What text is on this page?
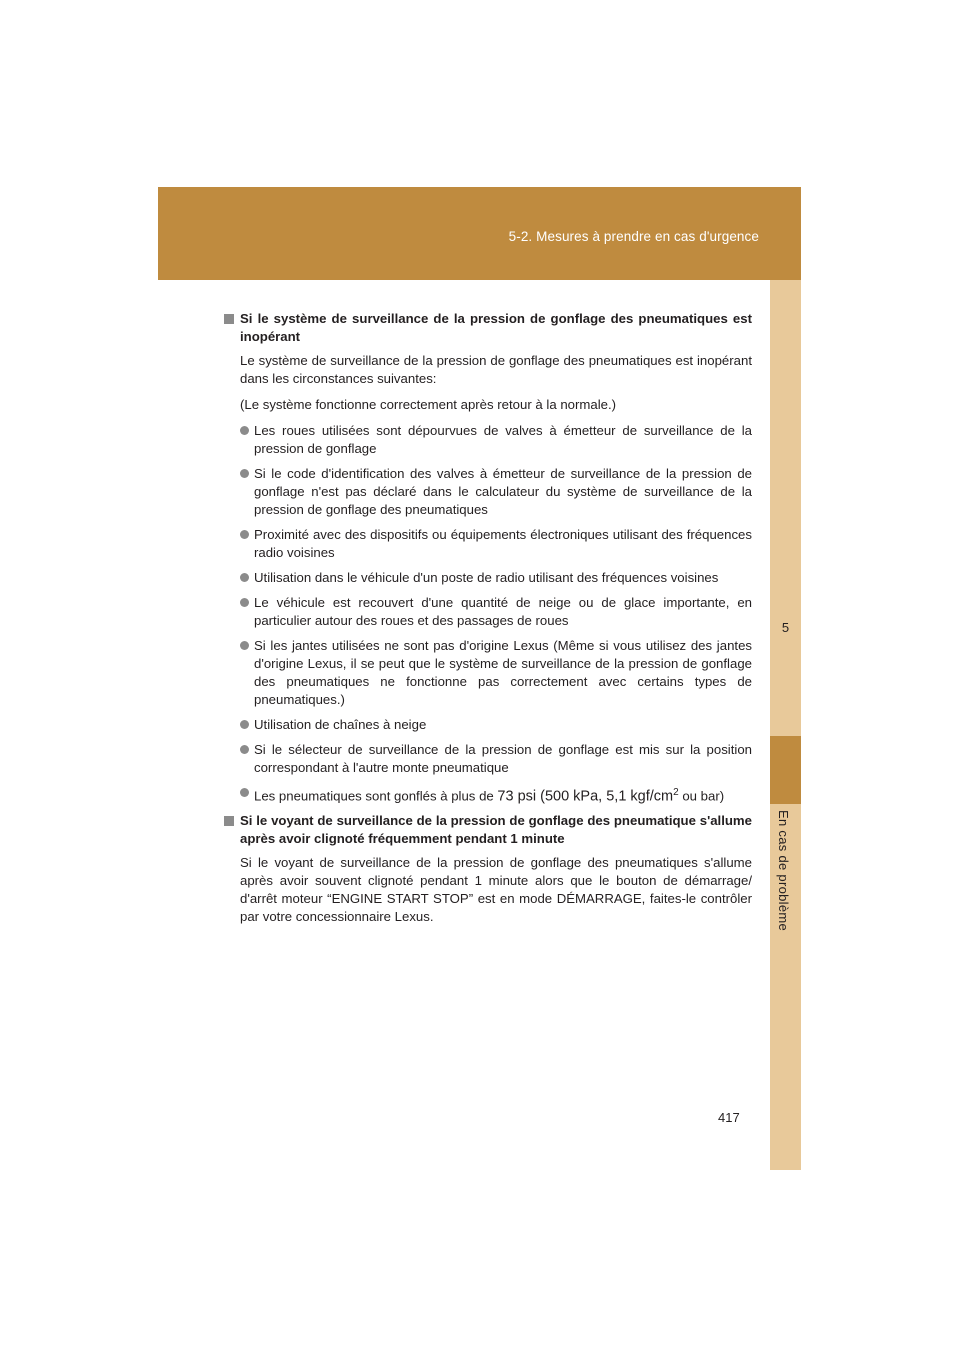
5-2. Mesures à prendre en cas d'urgence
5
En cas de problème
Si le système de surveillance de la pression de gonflage des pneumatiques est inopérant

Le système de surveillance de la pression de gonflage des pneumatiques est inopérant dans les circonstances suivantes:

(Le système fonctionne correctement après retour à la normale.)

Les roues utilisées sont dépourvues de valves à émetteur de surveillance de la pression de gonflage
Si le code d'identification des valves à émetteur de surveillance de la pression de gonflage n'est pas déclaré dans le calculateur du système de surveillance de la pression de gonflage des pneumatiques
Proximité avec des dispositifs ou équipements électroniques utilisant des fréquences radio voisines
Utilisation dans le véhicule d'un poste de radio utilisant des fréquences voisines
Le véhicule est recouvert d'une quantité de neige ou de glace importante, en particulier autour des roues et des passages de roues
Si les jantes utilisées ne sont pas d'origine Lexus (Même si vous utilisez des jantes d'origine Lexus, il se peut que le système de surveillance de la pression de gonflage des pneumatiques ne fonctionne pas correctement avec certains types de pneumatiques.)
Utilisation de chaînes à neige
Si le sélecteur de surveillance de la pression de gonflage est mis sur la position correspondant à l'autre monte pneumatique
Les pneumatiques sont gonflés à plus de 73 psi (500 kPa, 5,1 kgf/$cm^2$ ou bar)
Si le voyant de surveillance de la pression de gonflage des pneumatique s'allume après avoir clignoté fréquemment pendant 1 minute

Si le voyant de surveillance de la pression de gonflage des pneumatiques s'allume après avoir souvent clignoté pendant 1 minute alors que le bouton de démarrage/ d'arrêt moteur “ENGINE START STOP” est en mode DÉMARRAGE, faites-le contrôler par votre concessionnaire Lexus.

417
